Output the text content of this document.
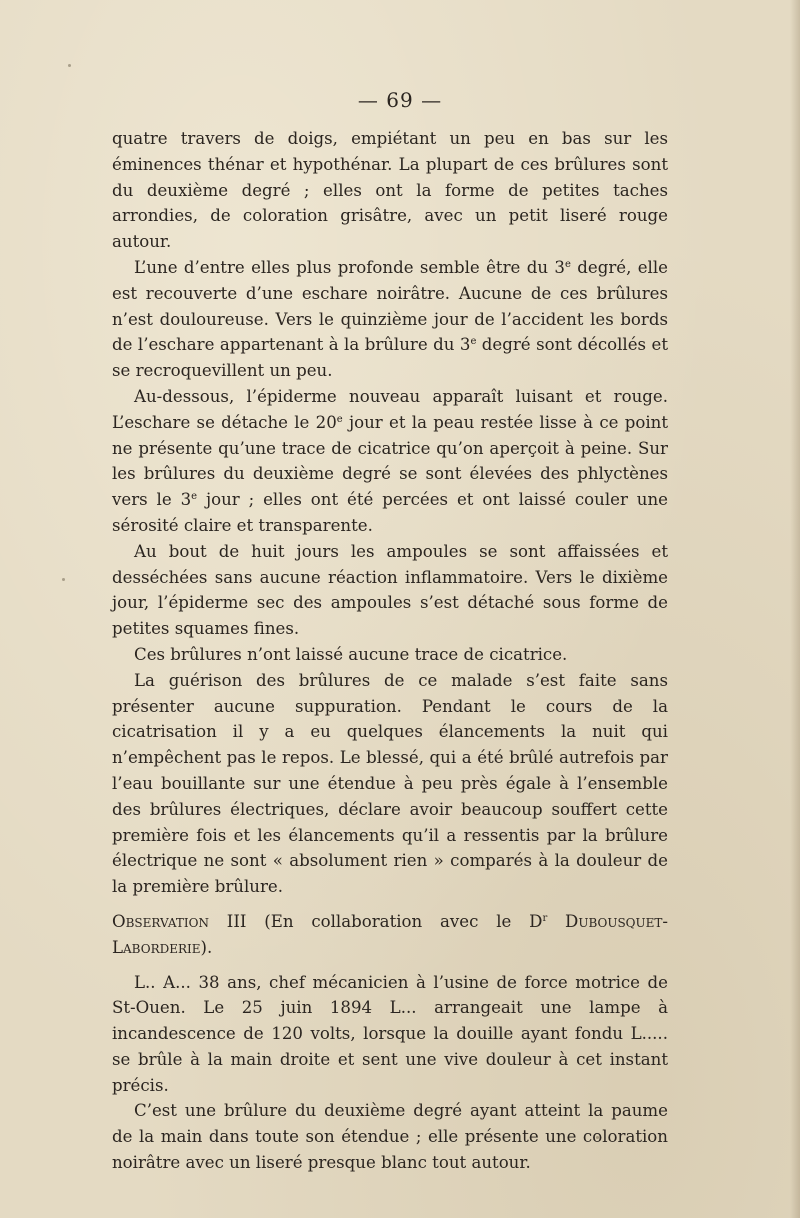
— 69 —

quatre travers de doigs, empiétant un peu en bas sur les éminences thénar et hypothénar. La plupart de ces brûlures sont du deuxième degré ; elles ont la forme de petites taches arrondies, de coloration grisâtre, avec un petit liseré rouge autour.

L’une d’entre elles plus profonde semble être du 3e degré, elle est recouverte d’une eschare noirâtre. Aucune de ces brûlures n’est douloureuse. Vers le quinzième jour de l’accident les bords de l’eschare appartenant à la brûlure du 3e degré sont décollés et se recroquevillent un peu.

Au-dessous, l’épiderme nouveau apparaît luisant et rouge. L’eschare se détache le 20e jour et la peau restée lisse à ce point ne présente qu’une trace de cicatrice qu’on aperçoit à peine. Sur les brûlures du deuxième degré se sont élevées des phlyctènes vers le 3e jour ; elles ont été percées et ont laissé couler une sérosité claire et transparente.

Au bout de huit jours les ampoules se sont affaissées et desséchées sans aucune réaction inflammatoire. Vers le dixième jour, l’épiderme sec des ampoules s’est détaché sous forme de petites squames fines.

Ces brûlures n’ont laissé aucune trace de cicatrice.

La guérison des brûlures de ce malade s’est faite sans présenter aucune suppuration. Pendant le cours de la cicatrisation il y a eu quelques élancements la nuit qui n’empêchent pas le repos. Le blessé, qui a été brûlé autrefois par l’eau bouillante sur une étendue à peu près égale à l’ensemble des brûlures électriques, déclare avoir beaucoup souffert cette première fois et les élancements qu’il a ressentis par la brûlure électrique ne sont « absolument rien » comparés à la douleur de la première brûlure.

Observation III (En collaboration avec le $D^r$ Dubousquet-Laborderie).

L.. A... 38 ans, chef mécanicien à l’usine de force motrice de St-Ouen. Le 25 juin 1894 L... arrangeait une lampe à incandescence de 120 volts, lorsque la douille ayant fondu L..... se brûle à la main droite et sent une vive douleur à cet instant précis.

C’est une brûlure du deuxième degré ayant atteint la paume de la main dans toute son étendue ; elle présente une coloration noirâtre avec un liseré presque blanc tout autour.
